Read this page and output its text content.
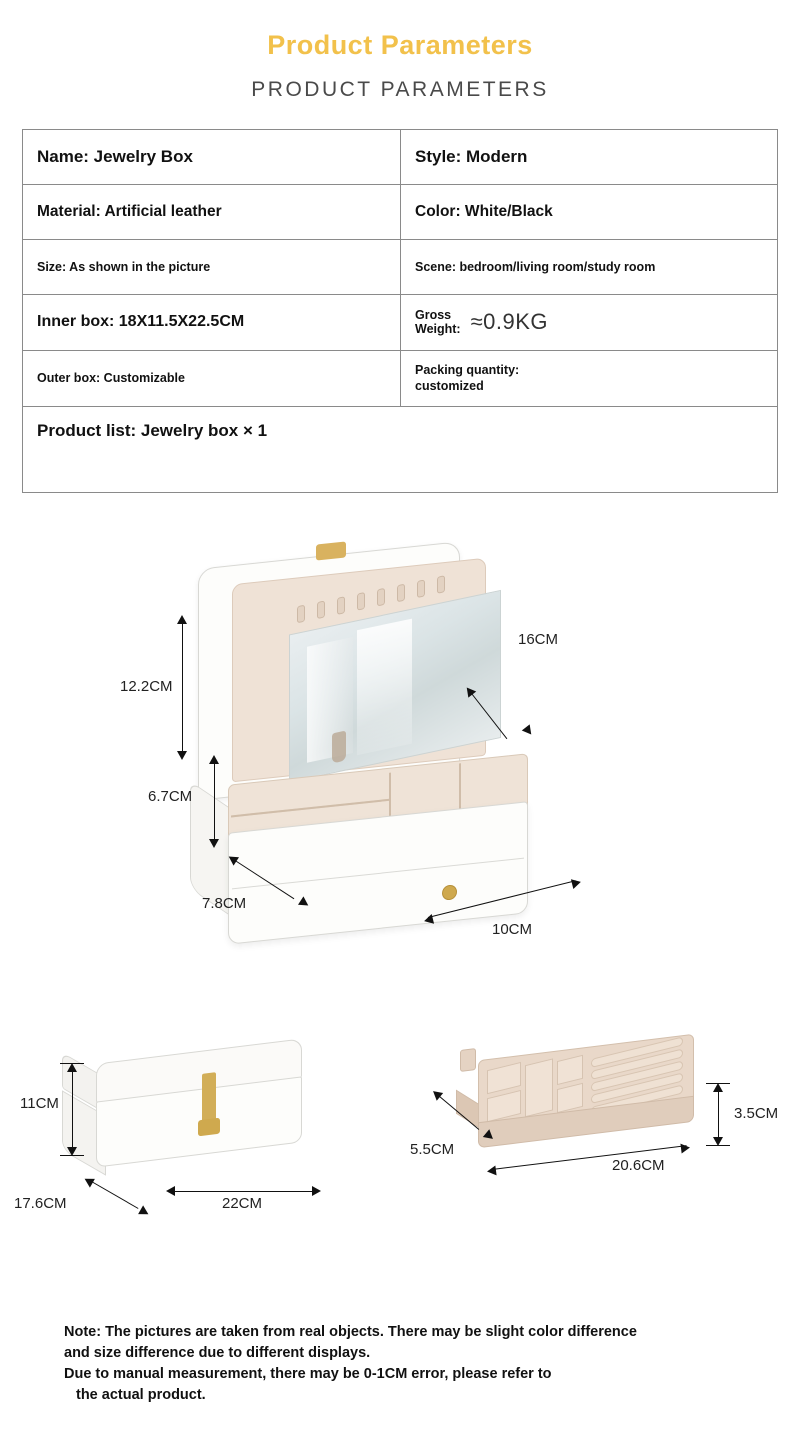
Product Parameters
PRODUCT PARAMETERS
Name: Jewelry Box	Style: Modern
Material: Artificial leather	Color: White/Black
Size: As shown in the picture	Scene: bedroom/living room/study room
Inner box: 18X11.5X22.5CM	Gross
Weight: ≈0.9KG

Outer box: Customizable	Packing quantity:
customized

Product list: Jewelry box × 1	
12.2CM
16CM
6.7CM
7.8CM
10CM
11CM
17.6CM	22CM
3.5CM
5.5CM
20.6CM
Note: The pictures are taken from real objects. There may be slight color difference
and size difference due to different displays.
Due to manual measurement, there may be 0-1CM error, please refer to
the actual product.
